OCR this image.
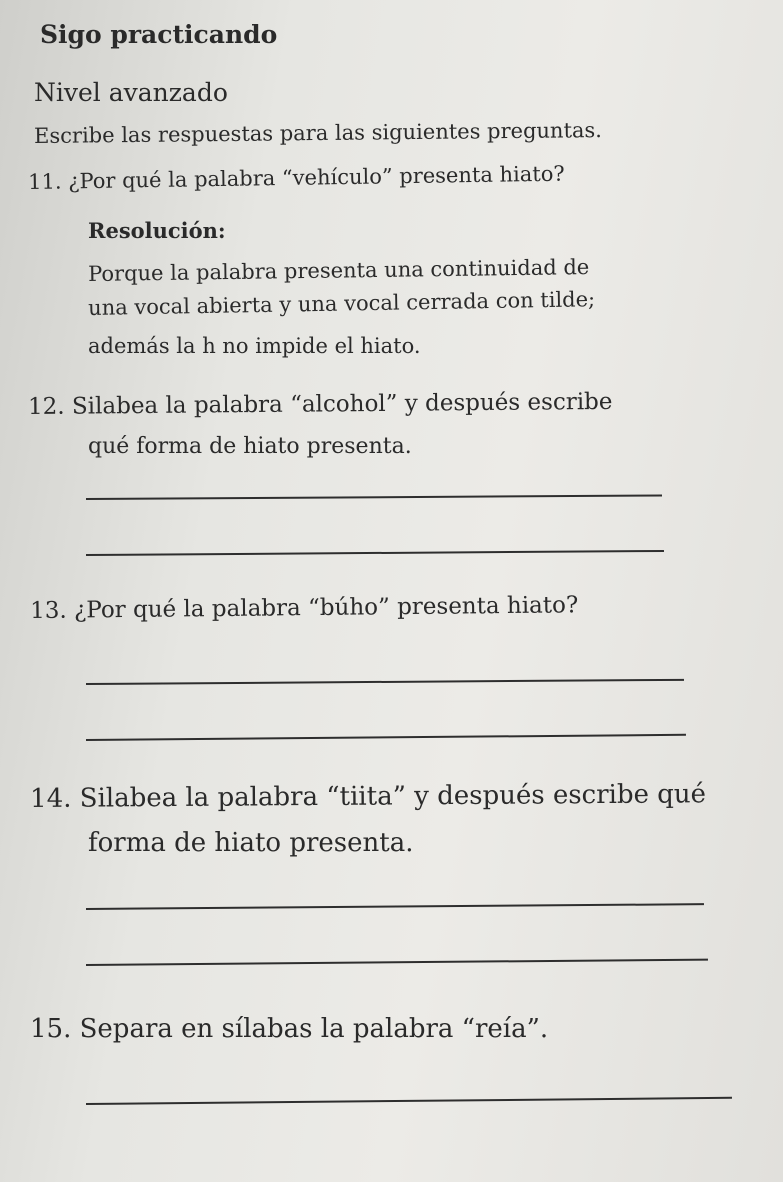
Sigo practicando
Nivel avanzado
Escribe las respuestas para las siguientes preguntas.
11. ¿Por qué la palabra “vehículo” presenta hiato?
Resolución:
Porque la palabra presenta una continuidad de
una vocal abierta y una vocal cerrada con tilde;
además la h no impide el hiato.
12. Silabea la palabra “alcohol” y después escribe
qué forma de hiato presenta.
13. ¿Por qué la palabra “búho” presenta hiato?
14. Silabea la palabra “tiita” y después escribe qué
forma de hiato presenta.
15. Separa en sílabas la palabra “reía”.
